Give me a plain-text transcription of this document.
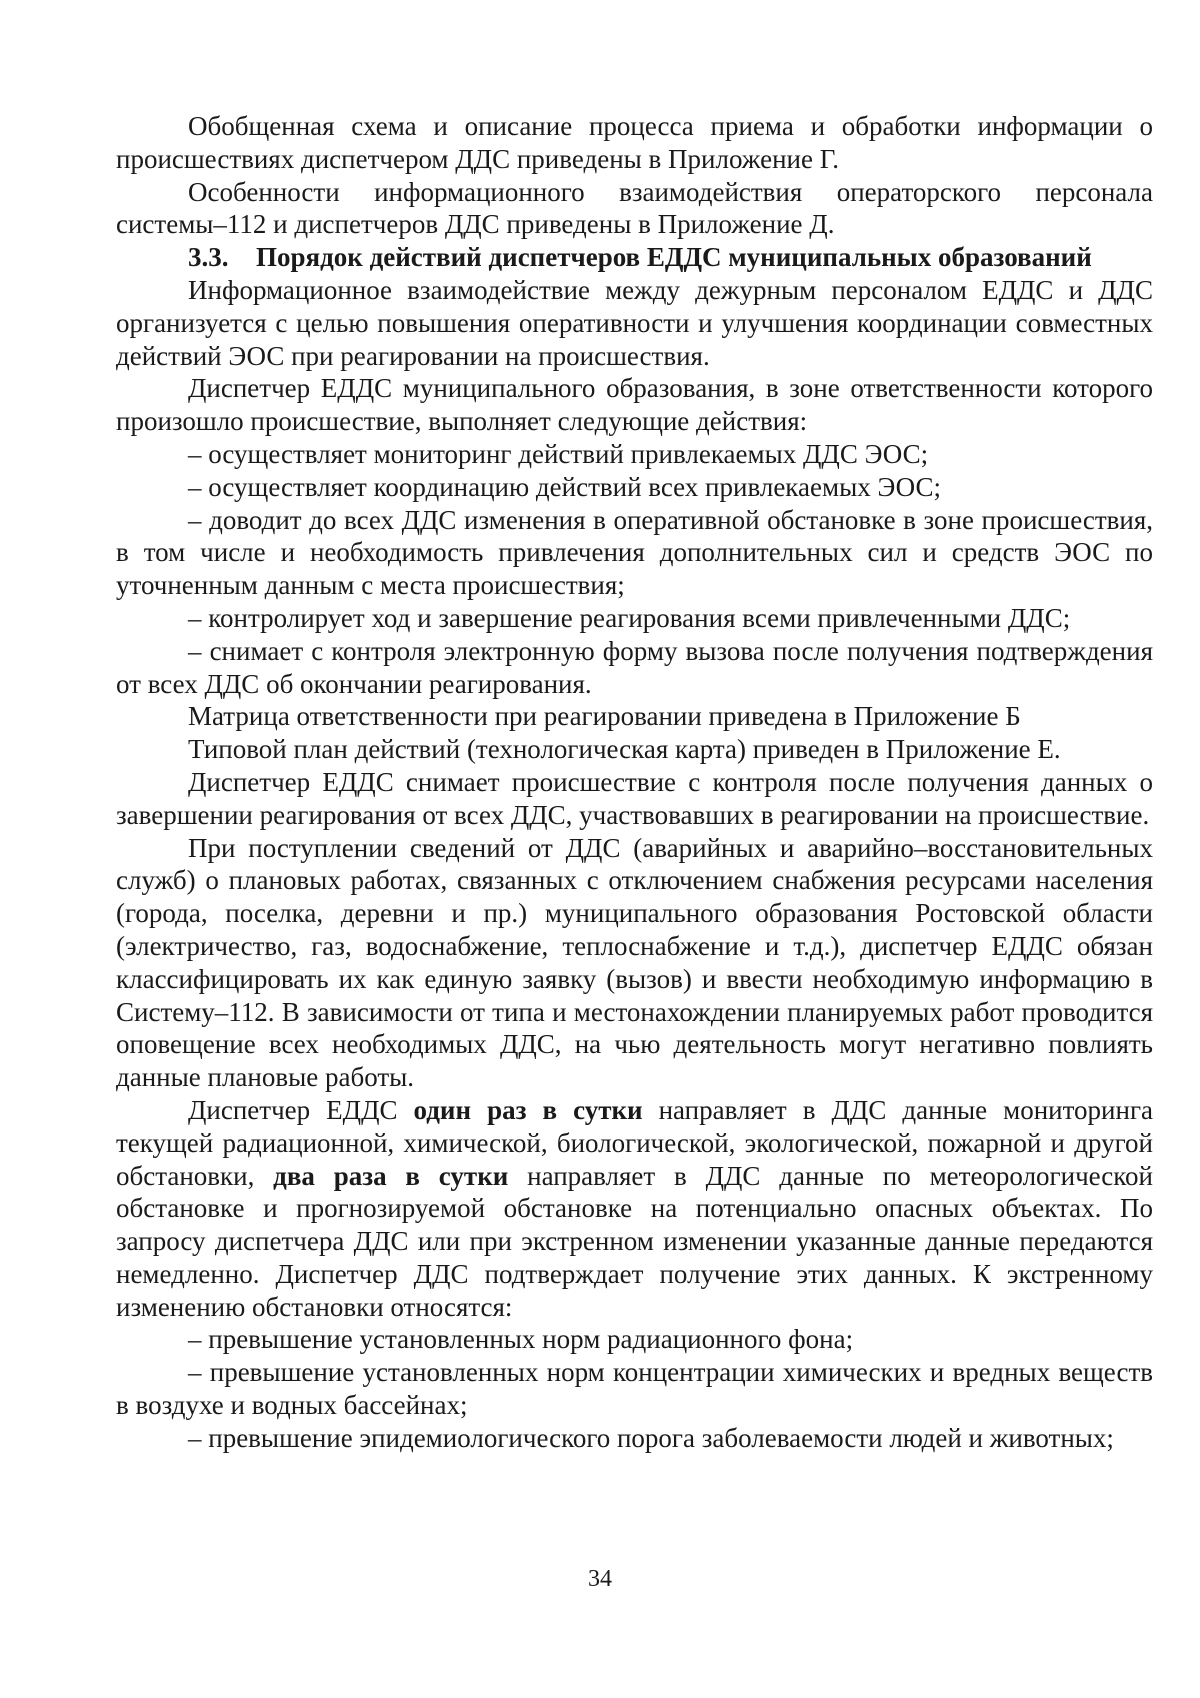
Обобщенная схема и описание процесса приема и обработки информации о происшествиях диспетчером ДДС приведены в Приложение Г.

Особенности информационного взаимодействия операторского персонала системы–112 и диспетчеров ДДС приведены в Приложение Д.

3.3. Порядок действий диспетчеров ЕДДС муниципальных образований

Информационное взаимодействие между дежурным персоналом ЕДДС и ДДС организуется с целью повышения оперативности и улучшения координации совместных действий ЭОС при реагировании на происшествия.

Диспетчер ЕДДС муниципального образования, в зоне ответственности которого произошло происшествие, выполняет следующие действия:

– осуществляет мониторинг действий привлекаемых ДДС ЭОС;

– осуществляет координацию действий всех привлекаемых ЭОС;

– доводит до всех ДДС изменения в оперативной обстановке в зоне происшествия, в том числе и необходимость привлечения дополнительных сил и средств ЭОС по уточненным данным с места происшествия;

– контролирует ход и завершение реагирования всеми привлеченными ДДС;

– снимает с контроля электронную форму вызова после получения подтверждения от всех ДДС об окончании реагирования.

Матрица ответственности при реагировании приведена в Приложение Б

Типовой план действий (технологическая карта) приведен в Приложение Е.

Диспетчер ЕДДС снимает происшествие с контроля после получения данных о завершении реагирования от всех ДДС, участвовавших в реагировании на происшествие.

При поступлении сведений от ДДС (аварийных и аварийно–восстановительных служб) о плановых работах, связанных с отключением снабжения ресурсами населения (города, поселка, деревни и пр.) муниципального образования Ростовской области (электричество, газ, водоснабжение, теплоснабжение и т.д.), диспетчер ЕДДС обязан классифицировать их как единую заявку (вызов) и ввести необходимую информацию в Систему–112. В зависимости от типа и местонахождении планируемых работ проводится оповещение всех необходимых ДДС, на чью деятельность могут негативно повлиять данные плановые работы.

Диспетчер ЕДДС один раз в сутки направляет в ДДС данные мониторинга текущей радиационной, химической, биологической, экологической, пожарной и другой обстановки, два раза в сутки направляет в ДДС данные по метеорологической обстановке и прогнозируемой обстановке на потенциально опасных объектах. По запросу диспетчера ДДС или при экстренном изменении указанные данные передаются немедленно. Диспетчер ДДС подтверждает получение этих данных. К экстренному изменению обстановки относятся:

– превышение установленных норм радиационного фона;

– превышение установленных норм концентрации химических и вредных веществ в воздухе и водных бассейнах;

– превышение эпидемиологического порога заболеваемости людей и животных;

34
